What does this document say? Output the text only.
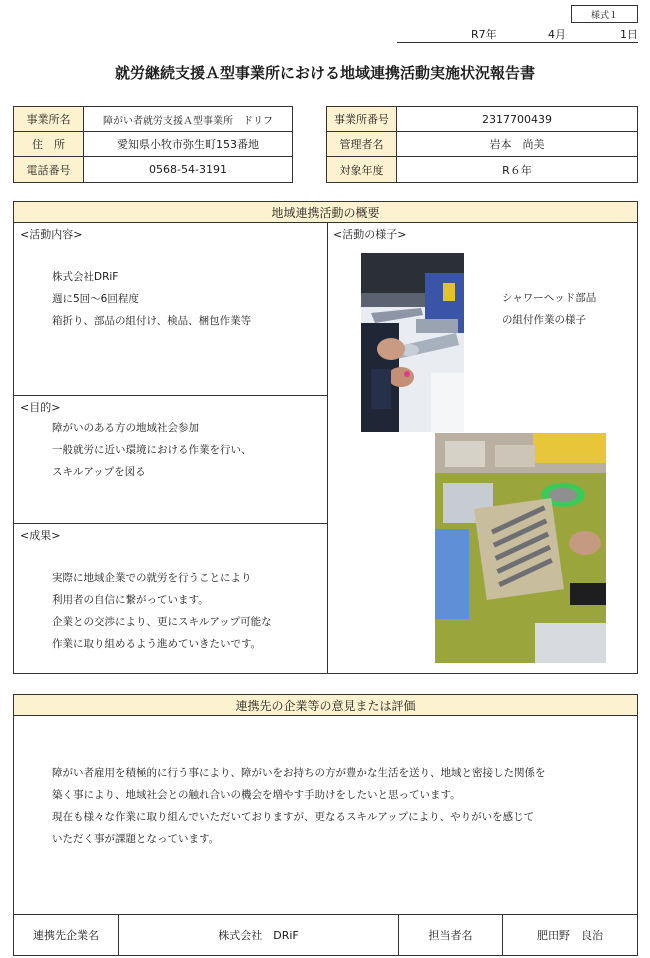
様式１
R7年	4月	1日
就労継続支援Ａ型事業所における地域連携活動実施状況報告書
事業所名	障がい者就労支援Ａ型事業所　ドリフ
住　所	愛知県小牧市弥生町153番地
電話番号	0568-54-3191
事業所番号	2317700439
管理者名	岩本　尚美
対象年度	R６年
地域連携活動の概要
<活動内容>
株式会社DRiF
週に5回〜6回程度
箱折り、部品の組付け、検品、梱包作業等
<目的>
障がいのある方の地域社会参加
一般就労に近い環境における作業を行い、
スキルアップを図る
<成果>
実際に地域企業での就労を行うことにより
利用者の自信に繋がっています。
企業との交渉により、更にスキルアップ可能な
作業に取り組めるよう進めていきたいです。
<活動の様子>
シャワーヘッド部品
の組付作業の様子
連携先の企業等の意見または評価
障がい者雇用を積極的に行う事により、障がいをお持ちの方が豊かな生活を送り、地域と密接した関係を
築く事により、地域社会との触れ合いの機会を増やす手助けをしたいと思っています。
現在も様々な作業に取り組んでいただいておりますが、更なるスキルアップにより、やりがいを感じて
いただく事が課題となっています。
連携先企業名	株式会社　DRiF	担当者名	肥田野　良治
